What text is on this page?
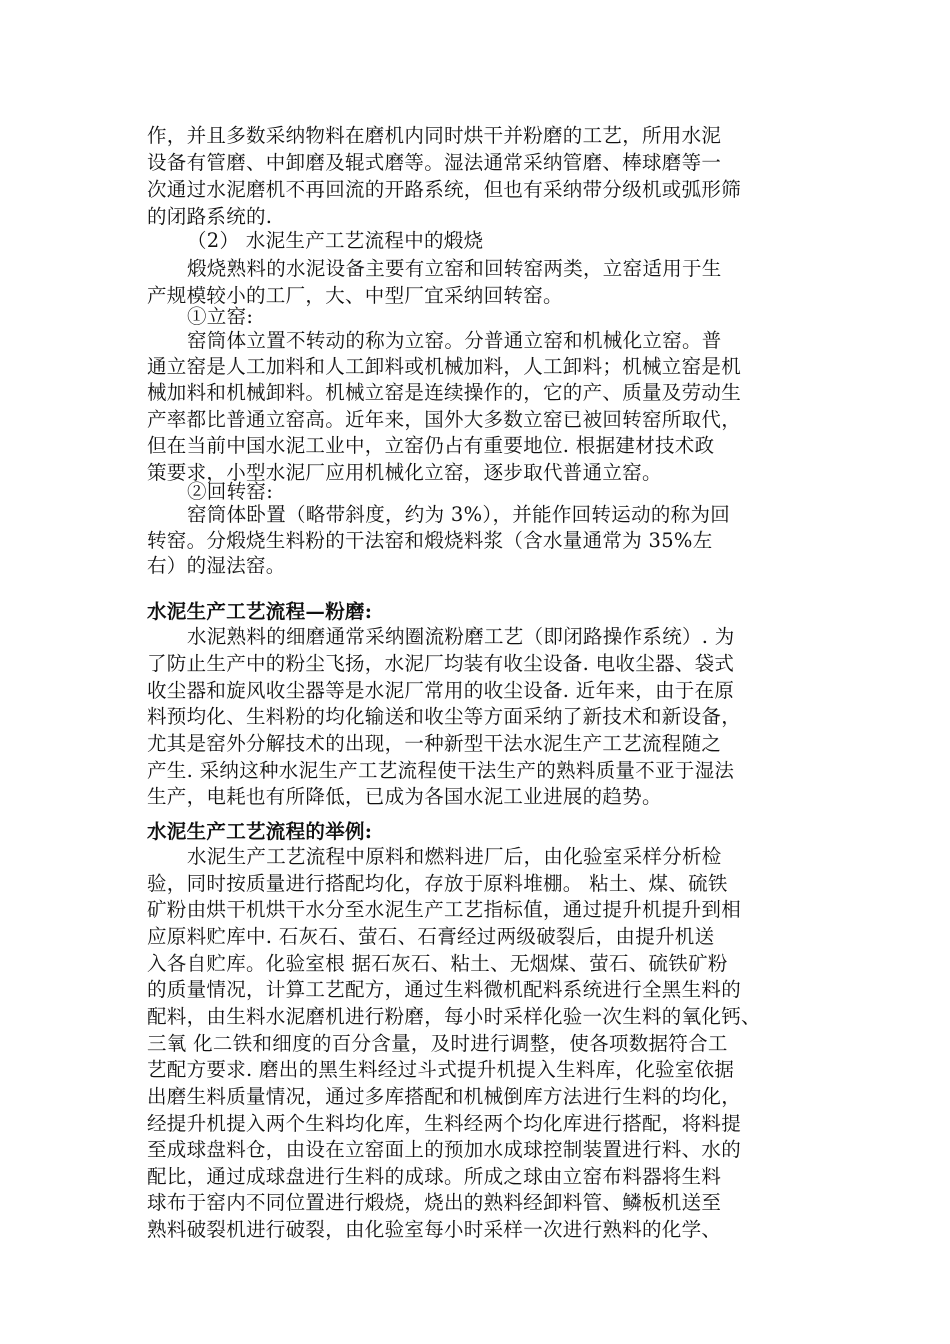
作，并且多数采纳物料在磨机内同时烘干并粉磨的工艺，所用水泥
设备有管磨、中卸磨及辊式磨等。湿法通常采纳管磨、棒球磨等一
次通过水泥磨机不再回流的开路系统，但也有采纳带分级机或弧形筛
的闭路系统的.
（2） 水泥生产工艺流程中的煅烧
煅烧熟料的水泥设备主要有立窑和回转窑两类，立窑适用于生
产规模较小的工厂，大、中型厂宜采纳回转窑。
①立窑:
窑筒体立置不转动的称为立窑。分普通立窑和机械化立窑。普
通立窑是人工加料和人工卸料或机械加料，人工卸料；机械立窑是机
械加料和机械卸料。机械立窑是连续操作的，它的产、质量及劳动生
产率都比普通立窑高。近年来，国外大多数立窑已被回转窑所取代，
但在当前中国水泥工业中，立窑仍占有重要地位. 根据建材技术政
策要求，小型水泥厂应用机械化立窑，逐步取代普通立窑。
②回转窑:
窑筒体卧置（略带斜度，约为 3%），并能作回转运动的称为回
转窑。分煅烧生料粉的干法窑和煅烧料浆（含水量通常为 35%左
右）的湿法窑。
水泥生产工艺流程—粉磨:
水泥熟料的细磨通常采纳圈流粉磨工艺（即闭路操作系统）. 为
了防止生产中的粉尘飞扬，水泥厂均装有收尘设备. 电收尘器、袋式
收尘器和旋风收尘器等是水泥厂常用的收尘设备. 近年来，由于在原
料预均化、生料粉的均化输送和收尘等方面采纳了新技术和新设备，
尤其是窑外分解技术的出现，一种新型干法水泥生产工艺流程随之
产生. 采纳这种水泥生产工艺流程使干法生产的熟料质量不亚于湿法
生产，电耗也有所降低，已成为各国水泥工业进展的趋势。
水泥生产工艺流程的举例:
水泥生产工艺流程中原料和燃料进厂后，由化验室采样分析检
验，同时按质量进行搭配均化，存放于原料堆棚。 粘土、煤、硫铁
矿粉由烘干机烘干水分至水泥生产工艺指标值，通过提升机提升到相
应原料贮库中. 石灰石、萤石、石膏经过两级破裂后，由提升机送
入各自贮库。化验室根 据石灰石、粘土、无烟煤、萤石、硫铁矿粉
的质量情况，计算工艺配方，通过生料微机配料系统进行全黑生料的
配料，由生料水泥磨机进行粉磨，每小时采样化验一次生料的氧化钙、
三氧 化二铁和细度的百分含量，及时进行调整，使各项数据符合工
艺配方要求. 磨出的黑生料经过斗式提升机提入生料库，化验室依据
出磨生料质量情况，通过多库搭配和机械倒库方法进行生料的均化，
经提升机提入两个生料均化库，生料经两个均化库进行搭配，将料提
至成球盘料仓，由设在立窑面上的预加水成球控制装置进行料、水的
配比，通过成球盘进行生料的成球。所成之球由立窑布料器将生料
球布于窑内不同位置进行煅烧，烧出的熟料经卸料管、鳞板机送至
熟料破裂机进行破裂，由化验室每小时采样一次进行熟料的化学、
